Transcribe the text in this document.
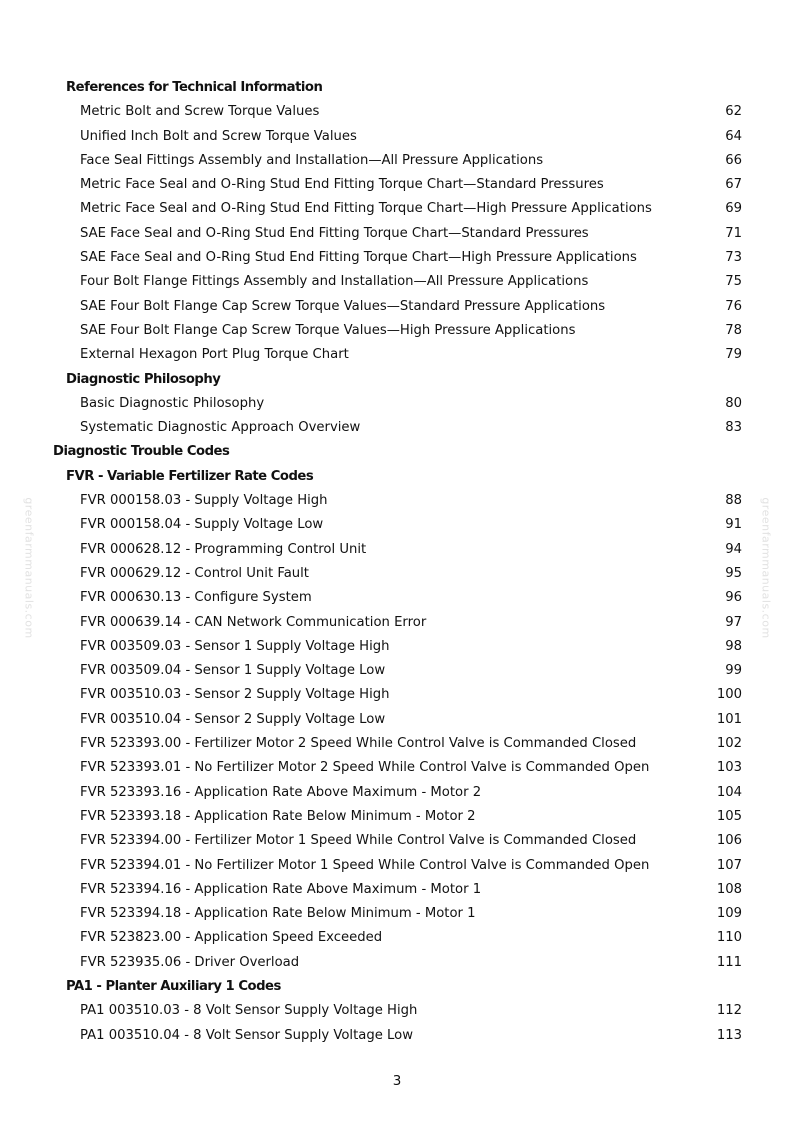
greenfarmmanuals.com	greenfarmmanuals.com
References for Technical Information
Metric Bolt and Screw Torque Values	62
Unified Inch Bolt and Screw Torque Values	64
Face Seal Fittings Assembly and Installation—All Pressure Applications	66
Metric Face Seal and O-Ring Stud End Fitting Torque Chart—Standard Pressures	67
Metric Face Seal and O-Ring Stud End Fitting Torque Chart—High Pressure Applications	69
SAE Face Seal and O-Ring Stud End Fitting Torque Chart—Standard Pressures	71
SAE Face Seal and O-Ring Stud End Fitting Torque Chart—High Pressure Applications	73
Four Bolt Flange Fittings Assembly and Installation—All Pressure Applications	75
SAE Four Bolt Flange Cap Screw Torque Values—Standard Pressure Applications	76
SAE Four Bolt Flange Cap Screw Torque Values—High Pressure Applications	78
External Hexagon Port Plug Torque Chart	79
Diagnostic Philosophy
Basic Diagnostic Philosophy	80
Systematic Diagnostic Approach Overview	83
Diagnostic Trouble Codes
FVR - Variable Fertilizer Rate Codes
FVR 000158.03 - Supply Voltage High	88
FVR 000158.04 - Supply Voltage Low	91
FVR 000628.12 - Programming Control Unit	94
FVR 000629.12 - Control Unit Fault	95
FVR 000630.13 - Configure System	96
FVR 000639.14 - CAN Network Communication Error	97
FVR 003509.03 - Sensor 1 Supply Voltage High	98
FVR 003509.04 - Sensor 1 Supply Voltage Low	99
FVR 003510.03 - Sensor 2 Supply Voltage High	100
FVR 003510.04 - Sensor 2 Supply Voltage Low	101
FVR 523393.00 - Fertilizer Motor 2 Speed While Control Valve is Commanded Closed	102
FVR 523393.01 - No Fertilizer Motor 2 Speed While Control Valve is Commanded Open	103
FVR 523393.16 - Application Rate Above Maximum - Motor 2	104
FVR 523393.18 - Application Rate Below Minimum - Motor 2	105
FVR 523394.00 - Fertilizer Motor 1 Speed While Control Valve is Commanded Closed	106
FVR 523394.01 - No Fertilizer Motor 1 Speed While Control Valve is Commanded Open	107
FVR 523394.16 - Application Rate Above Maximum - Motor 1	108
FVR 523394.18 - Application Rate Below Minimum - Motor 1	109
FVR 523823.00 - Application Speed Exceeded	110
FVR 523935.06 - Driver Overload	111
PA1 - Planter Auxiliary 1 Codes
PA1 003510.03 - 8 Volt Sensor Supply Voltage High	112
PA1 003510.04 - 8 Volt Sensor Supply Voltage Low	113
3
